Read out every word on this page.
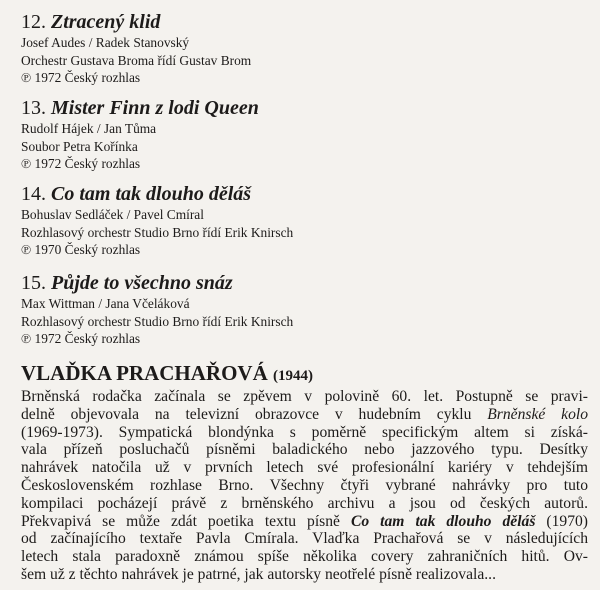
12. Ztracený klid
Josef Audes / Radek Stanovský
Orchestr Gustava Broma řídí Gustav Brom
℗ 1972 Český rozhlas
13. Mister Finn z lodi Queen
Rudolf Hájek / Jan Tůma
Soubor Petra Kořínka
℗ 1972 Český rozhlas
14. Co tam tak dlouho děláš
Bohuslav Sedláček / Pavel Cmíral
Rozhlasový orchestr Studio Brno řídí Erik Knirsch
℗ 1970 Český rozhlas
15. Půjde to všechno snáz
Max Wittman / Jana Včeláková
Rozhlasový orchestr Studio Brno řídí Erik Knirsch
℗ 1972 Český rozhlas
VLAĎKA PRACHAŘOVÁ (1944)
Brněnská rodačka začínala se zpěvem v polovině 60. let. Postupně se pravi-
delně objevovala na televizní obrazovce v hudebním cyklu Brněnské kolo
(1969-1973). Sympatická blondýnka s poměrně specifickým altem si získá-
vala přízeň posluchačů písněmi baladického nebo jazzového typu. Desítky
nahrávek natočila už v prvních letech své profesionální kariéry v tehdejším
Československém rozhlase Brno. Všechny čtyři vybrané nahrávky pro tuto
kompilaci pocházejí právě z brněnského archivu a jsou od českých autorů.
Překvapivá se může zdát poetika textu písně Co tam tak dlouho děláš (1970)
od začínajícího textaře Pavla Cmírala. Vlaďka Prachařová se v následujících
letech stala paradoxně známou spíše několika covery zahraničních hitů. Ov-
šem už z těchto nahrávek je patrné, jak autorsky neotřelé písně realizovala...
